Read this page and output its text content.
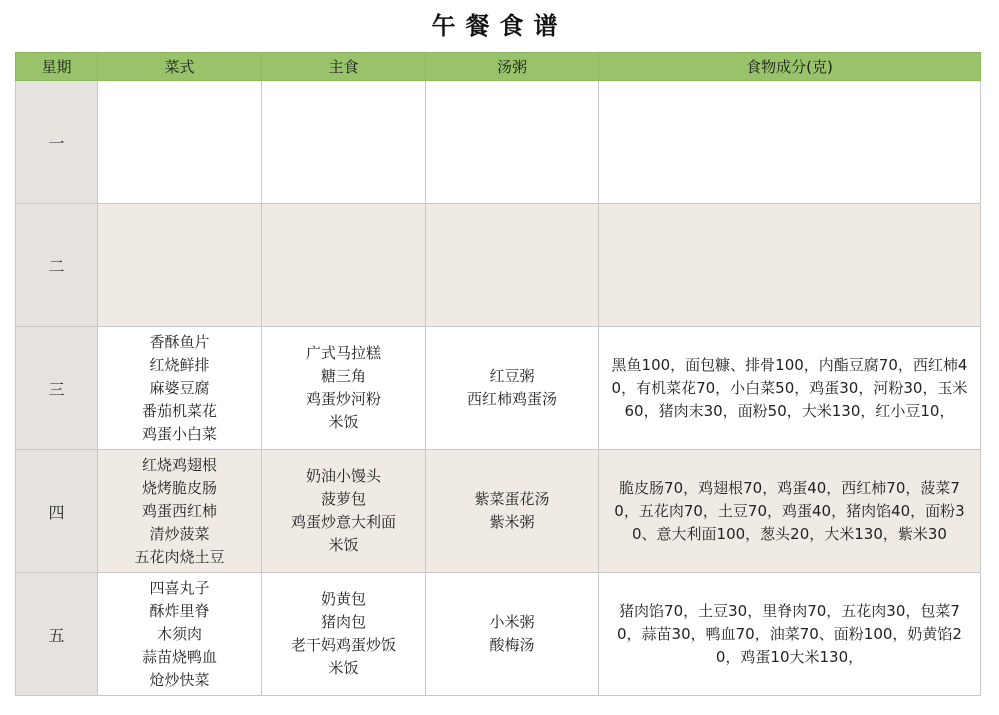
午餐食谱
星期	菜式	主食	汤粥	食物成分(克)
一				
二				
三	香酥鱼片
红烧鲜排
麻婆豆腐
番茄机菜花
鸡蛋小白菜	广式马拉糕
糖三角
鸡蛋炒河粉
米饭	红豆粥
西红柿鸡蛋汤	黑鱼100，面包糠、排骨100，内酯豆腐70，西红柿40，有机菜花70，小白菜50，鸡蛋30，河粉30，玉米60，猪肉末30，面粉50，大米130，红小豆10，

四	红烧鸡翅根
烧烤脆皮肠
鸡蛋西红柿
清炒菠菜
五花肉烧土豆	奶油小馒头
菠萝包
鸡蛋炒意大利面
米饭	紫菜蛋花汤
紫米粥	脆皮肠70，鸡翅根70，鸡蛋40，西红柿70，菠菜70，五花肉70，土豆70，鸡蛋40，猪肉馅40，面粉30、意大利面100，葱头20，大米130，紫米30

五	四喜丸子
酥炸里脊
木须肉
蒜苗烧鸭血
炝炒快菜	奶黄包
猪肉包
老干妈鸡蛋炒饭
米饭	小米粥
酸梅汤	猪肉馅70，土豆30，里脊肉70，五花肉30，包菜70，蒜苗30，鸭血70，油菜70、面粉100，奶黄馅20，鸡蛋10大米130，
